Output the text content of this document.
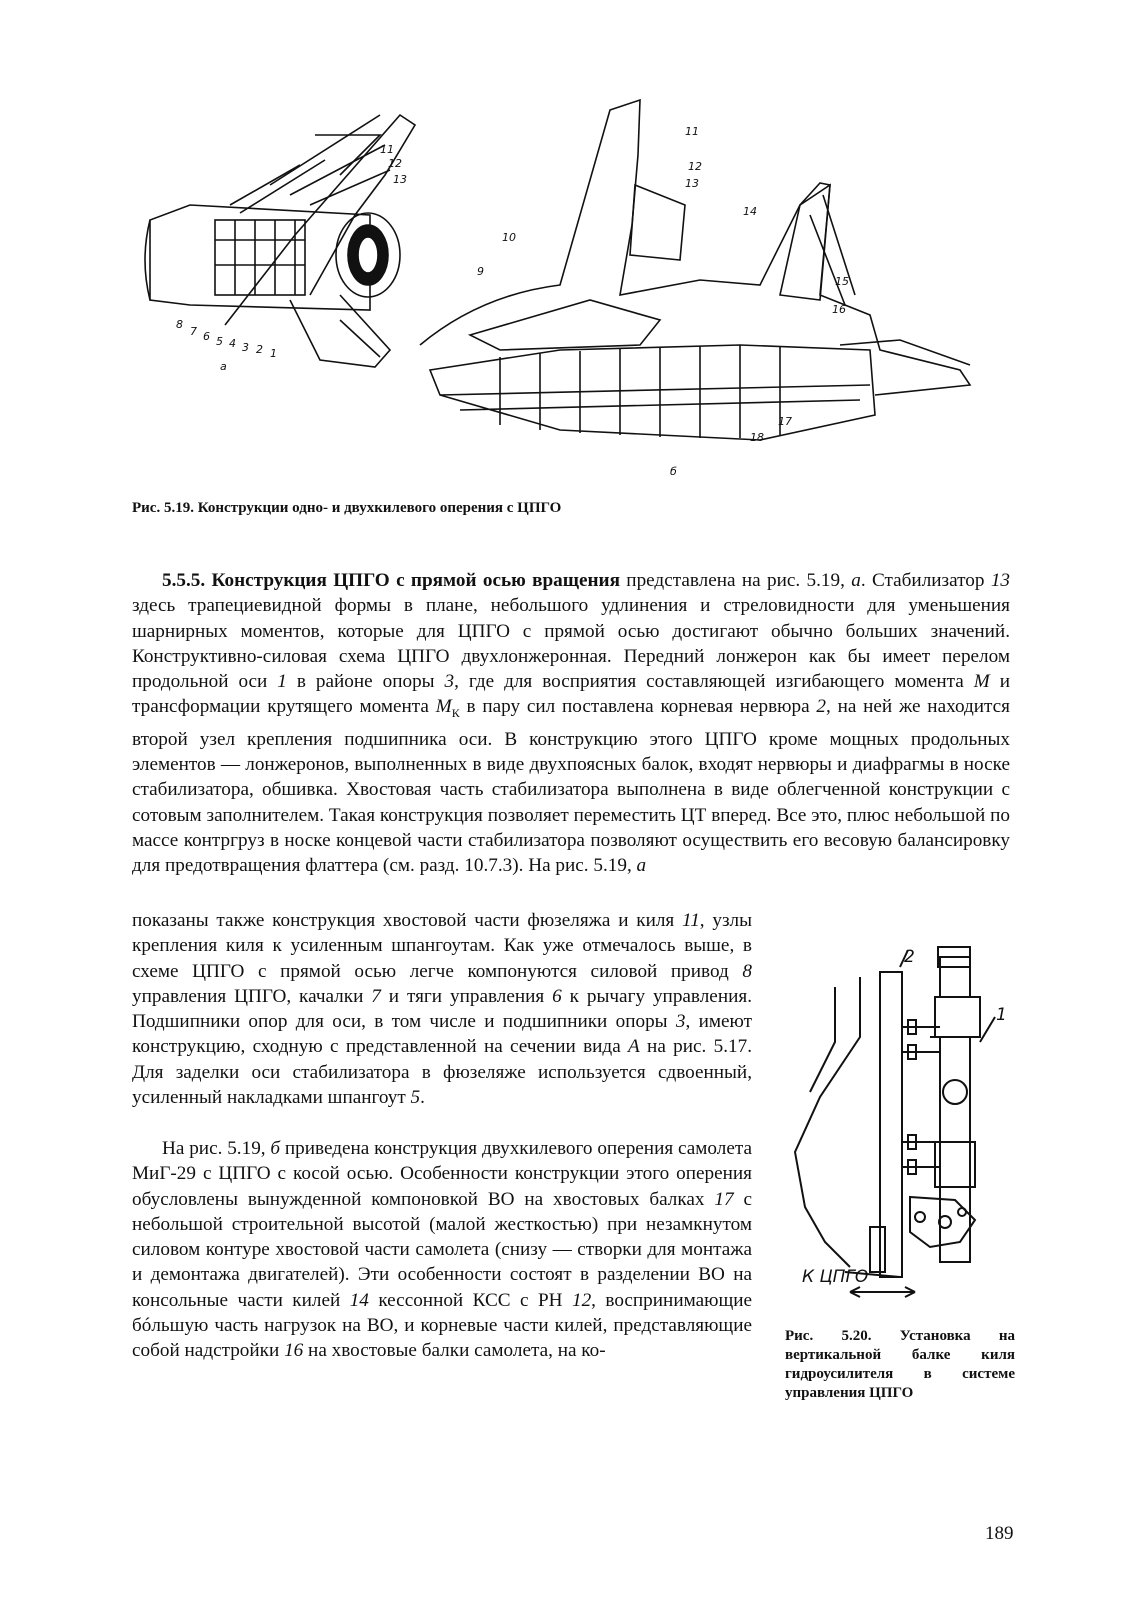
11
12
13
8
7 6 5 4 3 2 1
а
11
12
13
10
9
14
15
16
17
18
б

Рис. 5.19. Конструкции одно- и двухкилевого оперения с ЦПГО

5.5.5. Конструкция ЦПГО с прямой осью вращения представлена на рис. 5.19, а. Стабилизатор 13 здесь трапециевидной формы в плане, небольшого удлинения и стреловидности для уменьшения шарнирных моментов, которые для ЦПГО с прямой осью достигают обычно больших значений. Конструктивно-силовая схема ЦПГО двухлонжеронная. Передний лонжерон как бы имеет перелом продольной оси 1 в районе опоры 3, где для восприятия составляющей изгибающего момента М и трансформации крутящего момента $М_К$ в пару сил поставлена корневая нервюра 2, на ней же находится второй узел крепления подшипника оси. В конструкцию этого ЦПГО кроме мощных продольных элементов — лонжеронов, выполненных в виде двухпоясных балок, входят нервюры и диафрагмы в носке стабилизатора, обшивка. Хвостовая часть стабилизатора выполнена в виде облегченной конструкции с сотовым заполнителем. Такая конструкция позволяет переместить ЦТ вперед. Все это, плюс небольшой по массе контргруз в носке концевой части стабилизатора позволяют осуществить его весовую балансировку для предотвращения флаттера (см. разд. 10.7.3). На рис. 5.19, а

показаны также конструкция хвостовой части фюзеляжа и киля 11, узлы крепления киля к усиленным шпангоутам. Как уже отмечалось выше, в схеме ЦПГО с прямой осью легче компонуются силовой привод 8 управления ЦПГО, качалки 7 и тяги управления 6 к рычагу управления. Подшипники опор для оси, в том числе и подшипники опоры 3, имеют конструкцию, сходную с представленной на сечении вида А на рис. 5.17. Для заделки оси стабилизатора в фюзеляже используется сдвоенный, усиленный накладками шпангоут 5.

На рис. 5.19, б приведена конструкция двухкилевого оперения самолета МиГ-29 с ЦПГО с косой осью. Особенности конструкции этого оперения обусловлены вынужденной компоновкой ВО на хвостовых балках 17 с небольшой строительной высотой (малой жесткостью) при незамкнутом силовом контуре хвостовой части самолета (снизу — створки для монтажа и демонтажа двигателей). Эти особенности состоят в разделении ВО на консольные части килей 14 кессонной КСС с РН 12, воспринимающие бóльшую часть нагрузок на ВО, и корневые части килей, представляющие собой надстройки 16 на хвостовые балки самолета, на ко-

2
1
К ЦПГО

Рис. 5.20. Установка на вертикальной балке киля гидроусилителя в системе управления ЦПГО

189
